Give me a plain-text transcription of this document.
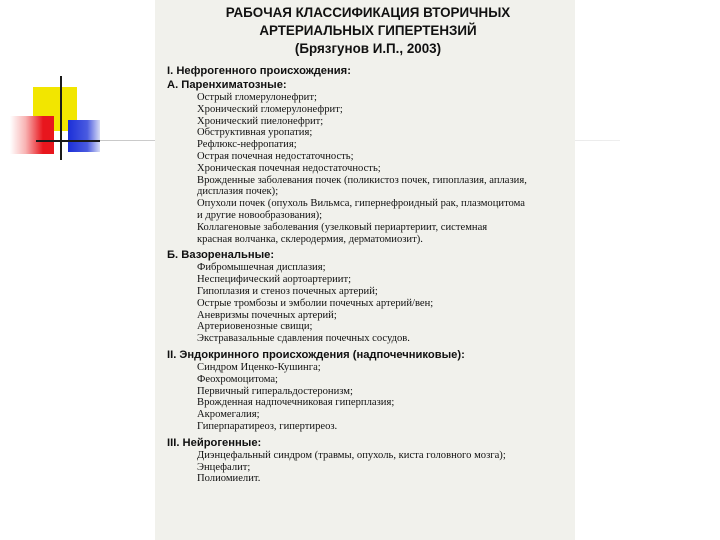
РАБОЧАЯ КЛАССИФИКАЦИЯ ВТОРИЧНЫХ
АРТЕРИАЛЬНЫХ ГИПЕРТЕНЗИЙ
(Брязгунов И.П., 2003)

I. Нефрогенного происхождения:

А. Паренхиматозные:

Острый гломерулонефрит;
Хронический гломерулонефрит;
Хронический пиелонефрит;
Обструктивная уропатия;
Рефлюкс-нефропатия;
Острая почечная недостаточность;
Хроническая почечная недостаточность;
Врожденные заболевания почек (поликистоз почек, гипоплазия, аплазия,
дисплазия почек);
Опухоли почек (опухоль Вильмса, гипернефроидный рак, плазмоцитома
и другие новообразования);
Коллагеновые заболевания (узелковый периартериит, системная
красная волчанка, склеродермия, дерматомиозит).

Б. Вазоренальные:

Фибромышечная дисплазия;
Неспецифический аортоартериит;
Гипоплазия и стеноз почечных артерий;
Острые тромбозы и эмболии почечных артерий/вен;
Аневризмы почечных артерий;
Артериовенозные свищи;
Экстравазальные сдавления почечных сосудов.

II. Эндокринного происхождения (надпочечниковые):

Синдром Иценко-Кушинга;
Феохромоцитома;
Первичный гиперальдостеронизм;
Врожденная надпочечниковая гиперплазия;
Акромегалия;
Гиперпаратиреоз, гипертиреоз.

III. Нейрогенные:

Диэнцефальный синдром (травмы, опухоль, киста головного мозга);
Энцефалит;
Полиомиелит.
